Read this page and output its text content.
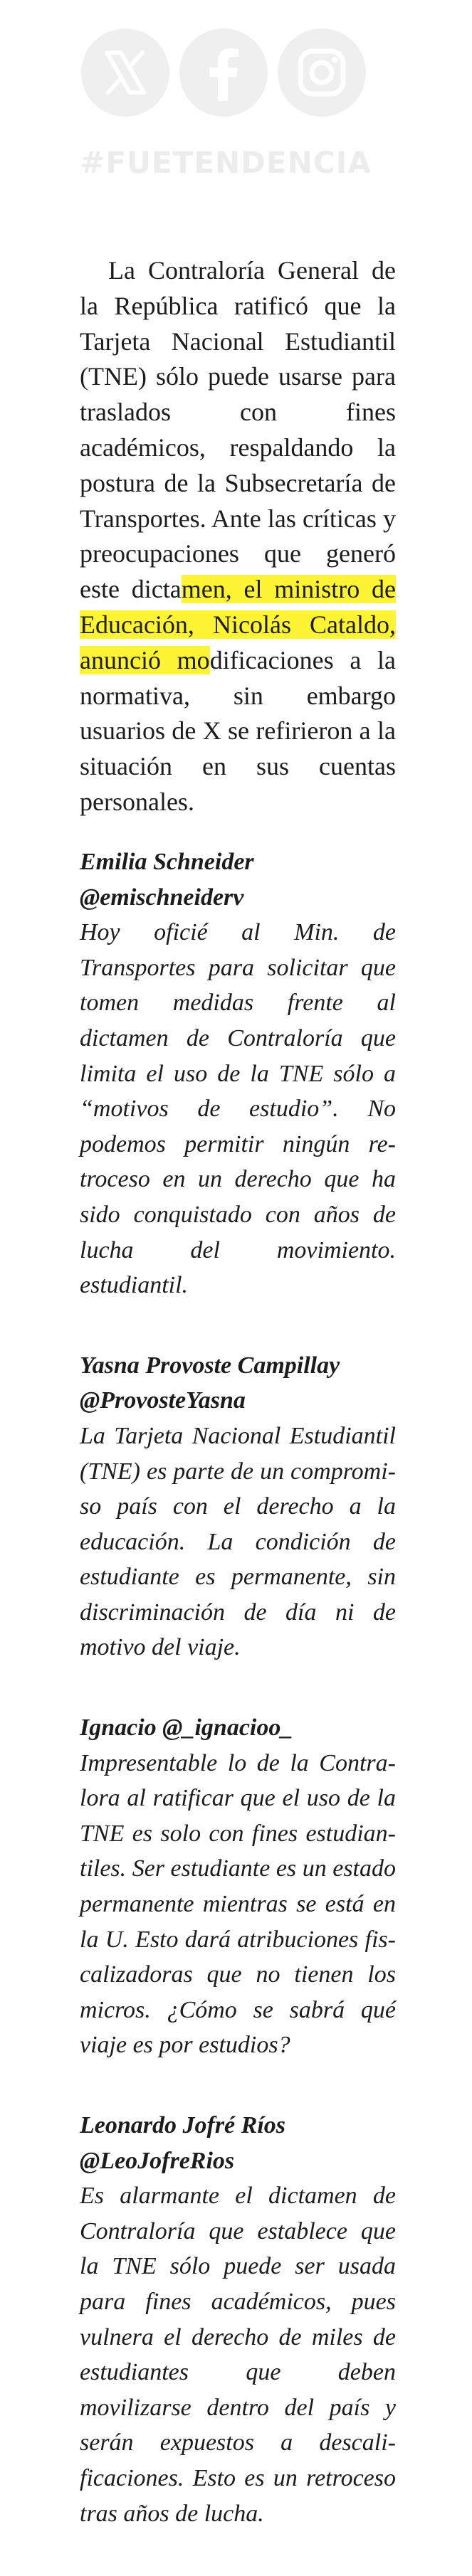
#FUETENDENCIA

La Contraloría General de la República ratificó que la Tarjeta Nacional Estudiantil (TNE) sólo puede usarse para traslados con fines académicos, respaldando la postura de la Subsecretaría de Transportes. Ante las críticas y preocupaciones que generó este dictamen, el ministro de Educación, Nicolás Cataldo, anunció modificaciones a la normativa, sin embargo usuarios de X se refirieron a la situación en sus cuentas personales.

Emilia Schneider
@emischneiderv
Hoy oficié al Min. de Transportes para solicitar que tomen medidas frente al dictamen de Contraloría que limita el uso de la TNE sólo a “motivos de estudio”. No podemos permitir ningún retroceso en un derecho que ha sido conquistado con años de lucha del movimiento. estudiantil.

Yasna Provoste Campillay
@ProvosteYasna
La Tarjeta Nacional Estudiantil (TNE) es parte de un compromiso país con el derecho a la educación. La condición de estudiante es permanente, sin discriminación de día ni de motivo del viaje.

Ignacio @_ignacioo_
Impresentable lo de la Contralora al ratificar que el uso de la TNE es solo con fines estudiantiles. Ser estudiante es un estado permanente mientras se está en la U. Esto dará atribuciones fiscalizadoras que no tienen los micros. ¿Cómo se sabrá qué viaje es por estudios?

Leonardo Jofré Ríos
@LeoJofreRios
Es alarmante el dictamen de Contraloría que establece que la TNE sólo puede ser usada para fines académicos, pues vulnera el derecho de miles de estudiantes que deben movilizarse dentro del país y serán expuestos a descalificaciones. Esto es un retroceso tras años de lucha.
